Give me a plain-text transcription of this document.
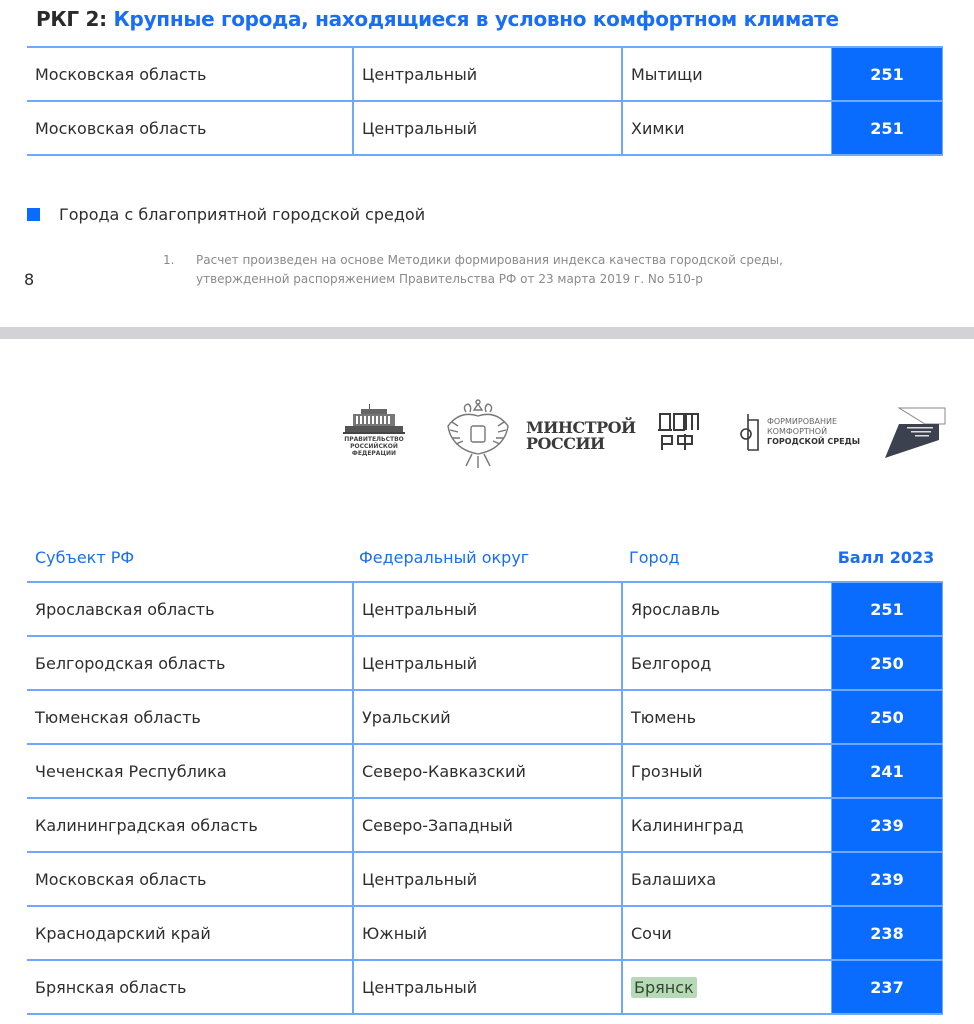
РКГ 2: Крупные города, находящиеся в условно комфортном климате
Московская область	Центральный	Мытищи	251
Московская область	Центральный	Химки	251
Города с благоприятной городской средой
1.	Расчет произведен на основе Методики формирования индекса качества городской среды, утвержденной распоряжением Правительства РФ от 23 марта 2019 г. No 510-р
8
ПРАВИТЕЛЬСТВО
РОССИЙСКОЙ
ФЕДЕРАЦИИ
МИНСТРОЙ
РОССИИ
ФОРМИРОВАНИЕ
КОМФОРТНОЙ
ГОРОДСКОЙ СРЕДЫ
Субъект РФ	Федеральный округ	Город	Балл 2023
Ярославская область	Центральный	Ярославль	251
Белгородская область	Центральный	Белгород	250
Тюменская область	Уральский	Тюмень	250
Чеченская Республика	Северо-Кавказский	Грозный	241
Калининградская область	Северо-Западный	Калининград	239
Московская область	Центральный	Балашиха	239
Краснодарский край	Южный	Сочи	238
Брянская область	Центральный	Брянск	237
